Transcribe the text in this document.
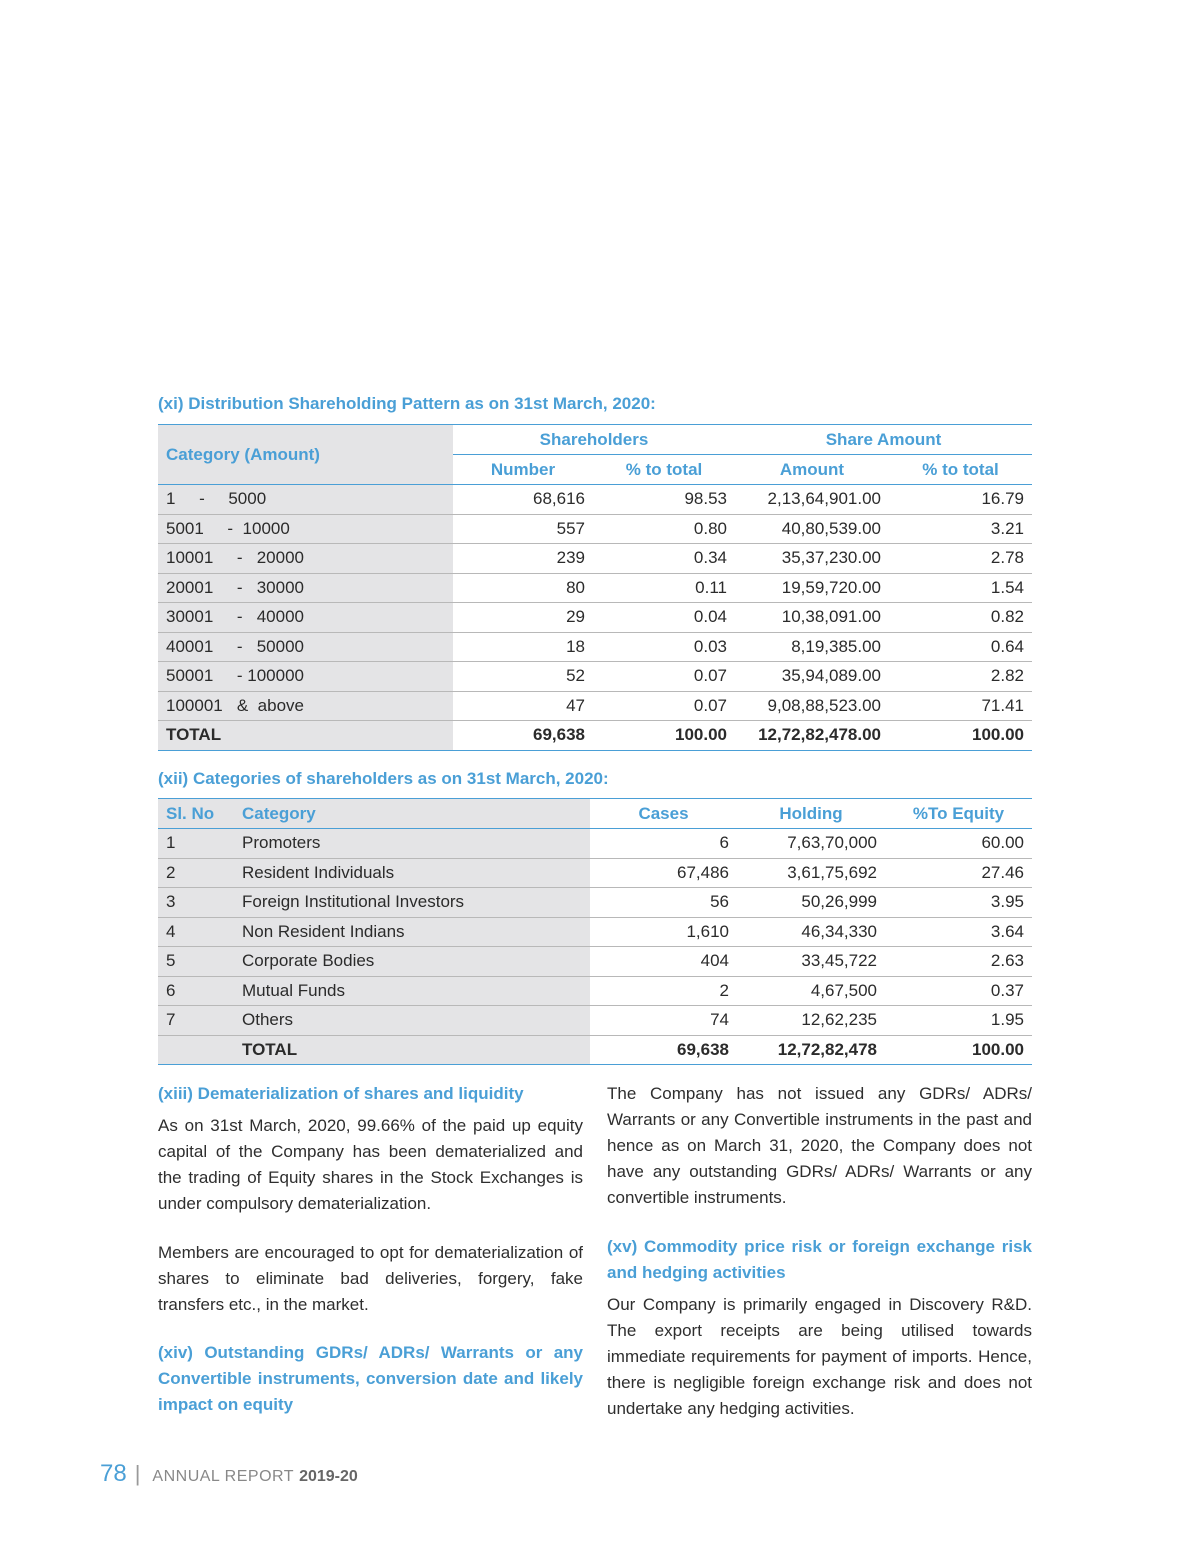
(xi) Distribution Shareholding Pattern as on 31st March, 2020:
Category (Amount)	Shareholders		Share Amount	
	Number	% to total	Amount	% to total
1     -     5000	68,616	98.53	2,13,64,901.00	16.79
5001     -  10000	557	0.80	40,80,539.00	3.21
10001     -   20000	239	0.34	35,37,230.00	2.78
20001     -   30000	80	0.11	19,59,720.00	1.54
30001     -   40000	29	0.04	10,38,091.00	0.82
40001     -   50000	18	0.03	8,19,385.00	0.64
50001     - 100000	52	0.07	35,94,089.00	2.82
100001   &  above	47	0.07	9,08,88,523.00	71.41
TOTAL	69,638	100.00	12,72,82,478.00	100.00
(xii) Categories of shareholders as on 31st March, 2020:
Sl. No	Category	Cases	Holding	%To Equity
1	Promoters	6	7,63,70,000	60.00
2	Resident Individuals	67,486	3,61,75,692	27.46
3	Foreign Institutional Investors	56	50,26,999	3.95
4	Non Resident Indians	1,610	46,34,330	3.64
5	Corporate Bodies	404	33,45,722	2.63
6	Mutual Funds	2	4,67,500	0.37
7	Others	74	12,62,235	1.95
	TOTAL	69,638	12,72,82,478	100.00

(xiii) Dematerialization of shares and liquidity

As on 31st March, 2020, 99.66% of the paid up equity capital of the Company has been dematerialized and the trading of Equity shares in the Stock Exchanges is under compulsory dematerialization.

Members are encouraged to opt for dematerialization of shares to eliminate bad deliveries, forgery, fake transfers etc., in the market.

(xiv) Outstanding GDRs/ ADRs/ Warrants or any Convertible instruments, conversion date and likely impact on equity

The Company has not issued any GDRs/ ADRs/ Warrants or any Convertible instruments in the past and hence as on March 31, 2020, the Company does not have any outstanding GDRs/ ADRs/ Warrants or any convertible instruments.

(xv) Commodity price risk or foreign exchange risk and hedging activities

Our Company is primarily engaged in Discovery R&D. The export receipts are being utilised towards immediate requirements for payment of imports. Hence, there is negligible foreign exchange risk and does not undertake any hedging activities.

78 | ANNUAL REPORT 2019-20
